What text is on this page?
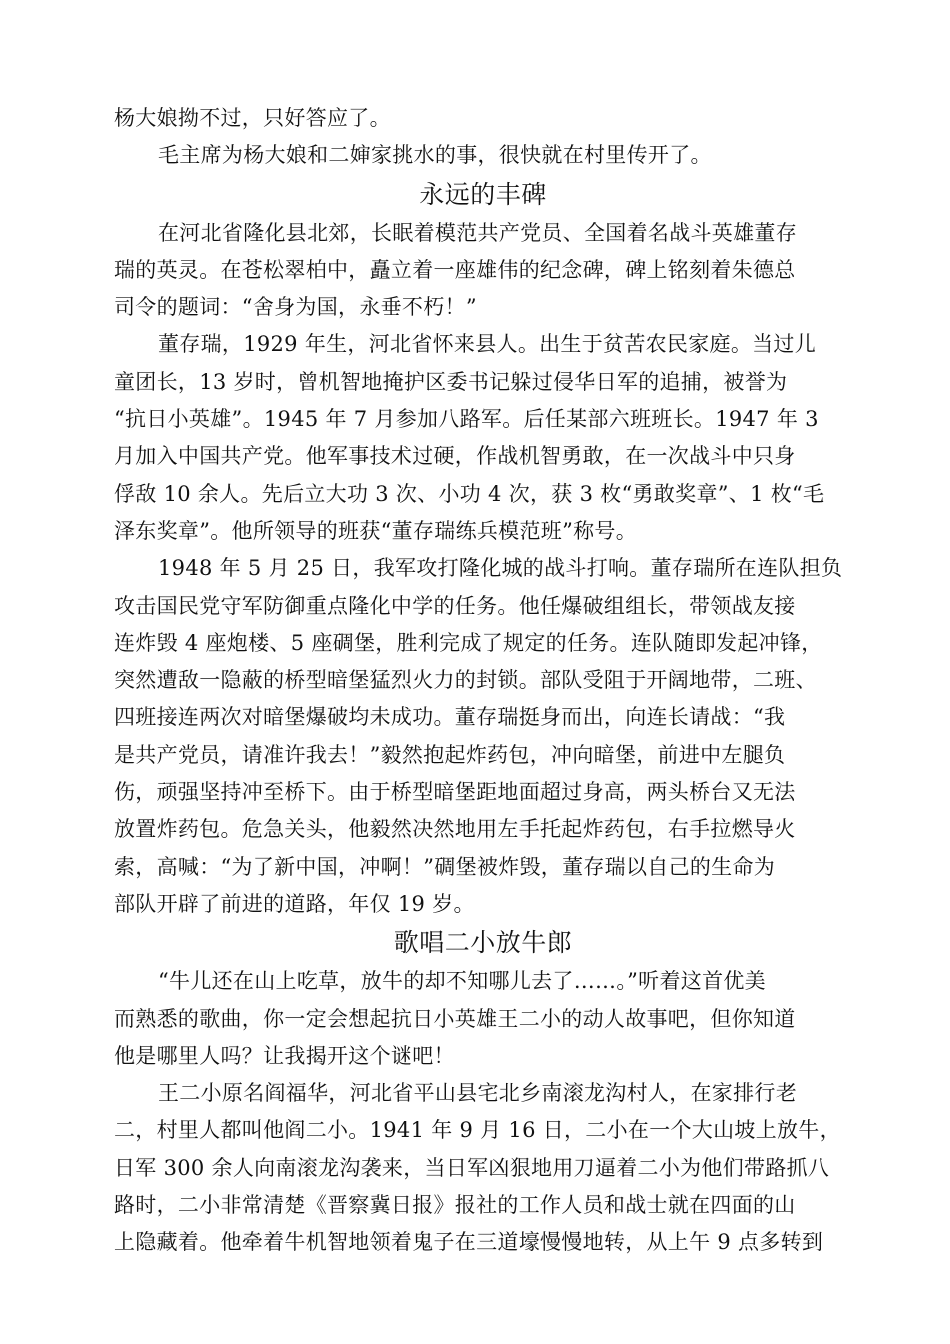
杨大娘拗不过，只好答应了。
毛主席为杨大娘和二婶家挑水的事，很快就在村里传开了。
永远的丰碑
在河北省隆化县北郊，长眠着模范共产党员、全国着名战斗英雄董存
瑞的英灵。在苍松翠柏中，矗立着一座雄伟的纪念碑，碑上铭刻着朱德总
司令的题词：“舍身为国，永垂不朽！”
董存瑞，1929 年生，河北省怀来县人。出生于贫苦农民家庭。当过儿
童团长，13 岁时，曾机智地掩护区委书记躲过侵华日军的追捕，被誉为
“抗日小英雄”。1945 年 7 月参加八路军。后任某部六班班长。1947 年 3
月加入中国共产党。他军事技术过硬，作战机智勇敢，在一次战斗中只身
俘敌 10 余人。先后立大功 3 次、小功 4 次，获 3 枚“勇敢奖章”、1 枚“毛
泽东奖章”。他所领导的班获“董存瑞练兵模范班”称号。
1948 年 5 月 25 日，我军攻打隆化城的战斗打响。董存瑞所在连队担负
攻击国民党守军防御重点隆化中学的任务。他任爆破组组长，带领战友接
连炸毁 4 座炮楼、5 座碉堡，胜利完成了规定的任务。连队随即发起冲锋，
突然遭敌一隐蔽的桥型暗堡猛烈火力的封锁。部队受阻于开阔地带，二班、
四班接连两次对暗堡爆破均未成功。董存瑞挺身而出，向连长请战：“我
是共产党员，请准许我去！”毅然抱起炸药包，冲向暗堡，前进中左腿负
伤，顽强坚持冲至桥下。由于桥型暗堡距地面超过身高，两头桥台又无法
放置炸药包。危急关头，他毅然决然地用左手托起炸药包，右手拉燃导火
索，高喊：“为了新中国，冲啊！”碉堡被炸毁，董存瑞以自己的生命为
部队开辟了前进的道路，年仅 19 岁。
歌唱二小放牛郎
“牛儿还在山上吃草，放牛的却不知哪儿去了……。”听着这首优美
而熟悉的歌曲，你一定会想起抗日小英雄王二小的动人故事吧，但你知道
他是哪里人吗？让我揭开这个谜吧！
王二小原名阎福华，河北省平山县宅北乡南滚龙沟村人，在家排行老
二，村里人都叫他阎二小。1941 年 9 月 16 日，二小在一个大山坡上放牛，
日军 300 余人向南滚龙沟袭来，当日军凶狠地用刀逼着二小为他们带路抓八
路时，二小非常清楚《晋察冀日报》报社的工作人员和战士就在四面的山
上隐藏着。他牵着牛机智地领着鬼子在三道壕慢慢地转，从上午 9 点多转到
